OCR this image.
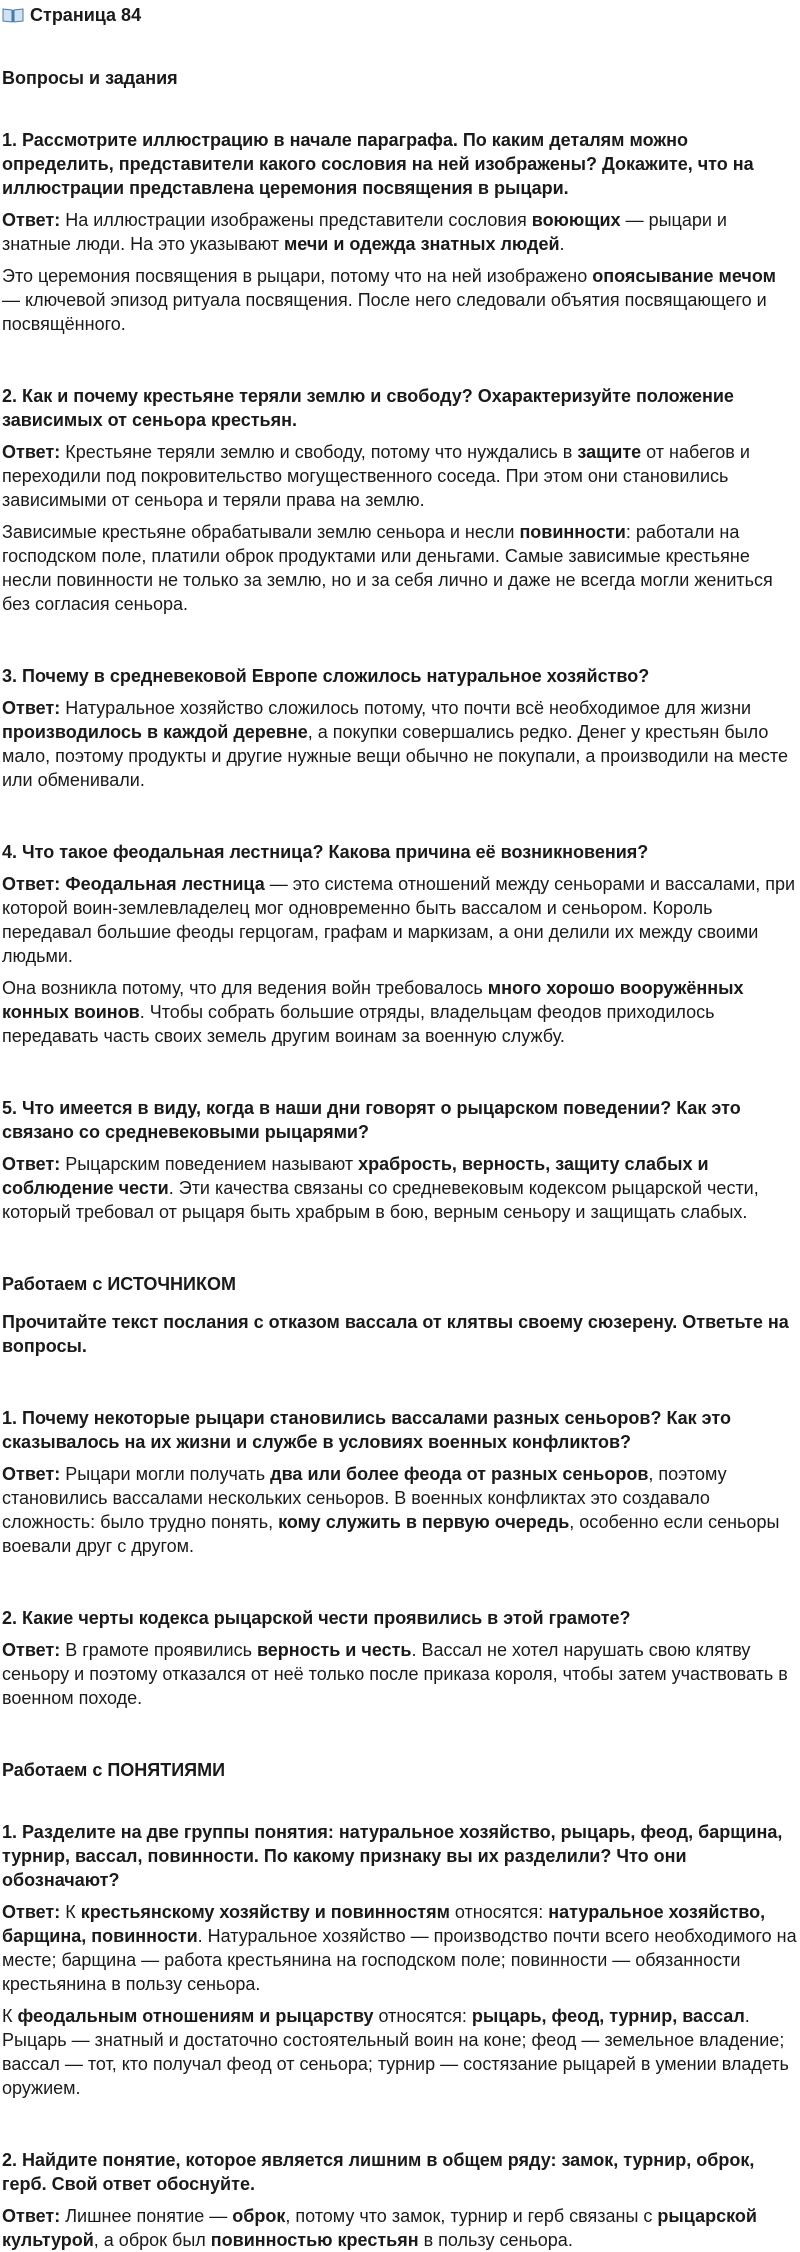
Страница 84
Вопросы и задания
1. Рассмотрите иллюстрацию в начале параграфа. По каким деталям можно определить, представители какого сословия на ней изображены? Докажите, что на иллюстрации представлена церемония посвящения в рыцари.

Ответ: На иллюстрации изображены представители сословия воюющих — рыцари и знатные люди. На это указывают мечи и одежда знатных людей.

Это церемония посвящения в рыцари, потому что на ней изображено опоясывание мечом — ключевой эпизод ритуала посвящения. После него следовали объятия посвящающего и посвящённого.

2. Как и почему крестьяне теряли землю и свободу? Охарактеризуйте положение зависимых от сеньора крестьян.

Ответ: Крестьяне теряли землю и свободу, потому что нуждались в защите от набегов и переходили под покровительство могущественного соседа. При этом они становились зависимыми от сеньора и теряли права на землю.

Зависимые крестьяне обрабатывали землю сеньора и несли повинности: работали на господском поле, платили оброк продуктами или деньгами. Самые зависимые крестьяне несли повинности не только за землю, но и за себя лично и даже не всегда могли жениться без согласия сеньора.

3. Почему в средневековой Европе сложилось натуральное хозяйство?

Ответ: Натуральное хозяйство сложилось потому, что почти всё необходимое для жизни производилось в каждой деревне, а покупки совершались редко. Денег у крестьян было мало, поэтому продукты и другие нужные вещи обычно не покупали, а производили на месте или обменивали.

4. Что такое феодальная лестница? Какова причина её возникновения?

Ответ: Феодальная лестница — это система отношений между сеньорами и вассалами, при которой воин-землевладелец мог одновременно быть вассалом и сеньором. Король передавал большие феоды герцогам, графам и маркизам, а они делили их между своими людьми.

Она возникла потому, что для ведения войн требовалось много хорошо вооружённых конных воинов. Чтобы собрать большие отряды, владельцам феодов приходилось передавать часть своих земель другим воинам за военную службу.

5. Что имеется в виду, когда в наши дни говорят о рыцарском поведении? Как это связано со средневековыми рыцарями?

Ответ: Рыцарским поведением называют храбрость, верность, защиту слабых и соблюдение чести. Эти качества связаны со средневековым кодексом рыцарской чести, который требовал от рыцаря быть храбрым в бою, верным сеньору и защищать слабых.

Работаем с ИСТОЧНИКОМ
Прочитайте текст послания с отказом вассала от клятвы своему сюзерену. Ответьте на вопросы.
1. Почему некоторые рыцари становились вассалами разных сеньоров? Как это сказывалось на их жизни и службе в условиях военных конфликтов?

Ответ: Рыцари могли получать два или более феода от разных сеньоров, поэтому становились вассалами нескольких сеньоров. В военных конфликтах это создавало сложность: было трудно понять, кому служить в первую очередь, особенно если сеньоры воевали друг с другом.

2. Какие черты кодекса рыцарской чести проявились в этой грамоте?

Ответ: В грамоте проявились верность и честь. Вассал не хотел нарушать свою клятву сеньору и поэтому отказался от неё только после приказа короля, чтобы затем участвовать в военном походе.

Работаем с ПОНЯТИЯМИ
1. Разделите на две группы понятия: натуральное хозяйство, рыцарь, феод, барщина, турнир, вассал, повинности. По какому признаку вы их разделили? Что они обозначают?

Ответ: К крестьянскому хозяйству и повинностям относятся: натуральное хозяйство, барщина, повинности. Натуральное хозяйство — производство почти всего необходимого на месте; барщина — работа крестьянина на господском поле; повинности — обязанности крестьянина в пользу сеньора.

К феодальным отношениям и рыцарству относятся: рыцарь, феод, турнир, вассал. Рыцарь — знатный и достаточно состоятельный воин на коне; феод — земельное владение; вассал — тот, кто получал феод от сеньора; турнир — состязание рыцарей в умении владеть оружием.

2. Найдите понятие, которое является лишним в общем ряду: замок, турнир, оброк, герб. Свой ответ обоснуйте.

Ответ: Лишнее понятие — оброк, потому что замок, турнир и герб связаны с рыцарской культурой, а оброк был повинностью крестьян в пользу сеньора.
